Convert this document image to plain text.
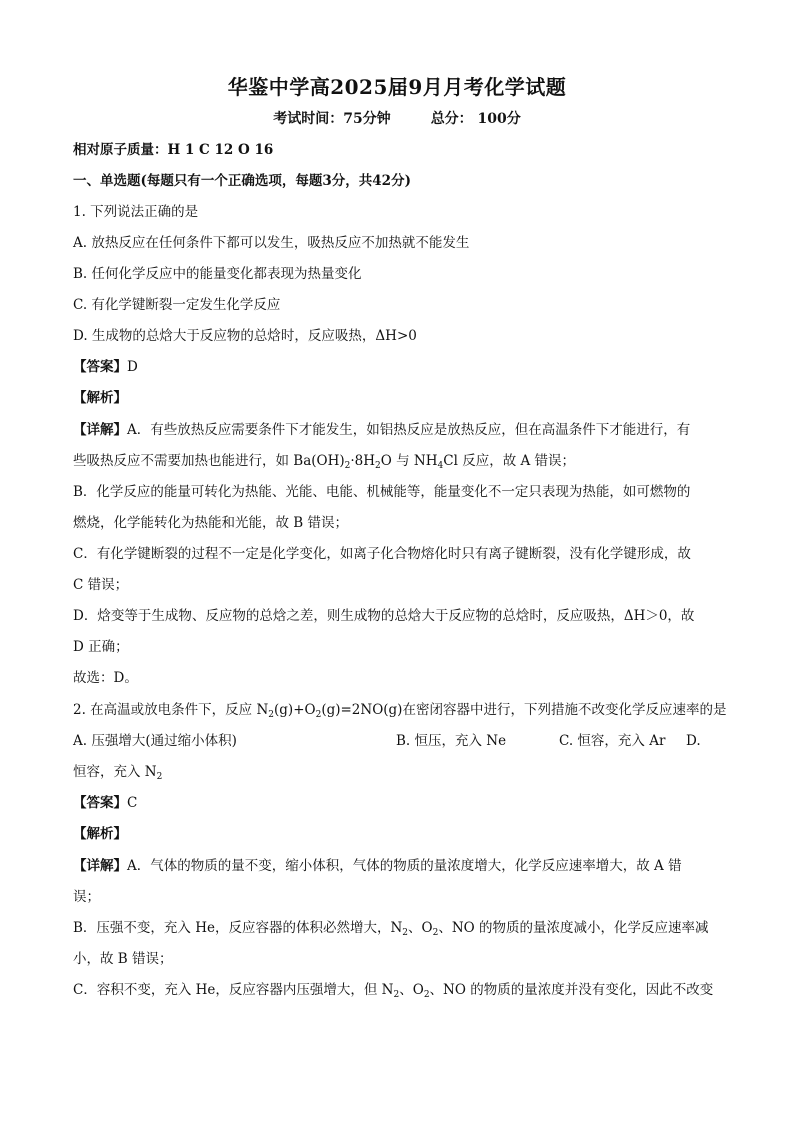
华鉴中学高2025届9月月考化学试题
考试时间：75分钟	总分： 100分
相对原子质量：H 1 C 12 O 16
一、单选题(每题只有一个正确选项，每题3分，共42分)
1. 下列说法正确的是
A. 放热反应在任何条件下都可以发生，吸热反应不加热就不能发生
B. 任何化学反应中的能量变化都表现为热量变化
C. 有化学键断裂一定发生化学反应
D. 生成物的总焓大于反应物的总焓时，反应吸热，ΔH>0
【答案】D
【解析】
【详解】A．有些放热反应需要条件下才能发生，如铝热反应是放热反应，但在高温条件下才能进行，有
些吸热反应不需要加热也能进行，如 $Ba(OH)_2\cdot 8H_2O$ 与 $NH_4Cl$ 反应，故 A 错误；
B．化学反应的能量可转化为热能、光能、电能、机械能等，能量变化不一定只表现为热能，如可燃物的
燃烧，化学能转化为热能和光能，故 B 错误；
C．有化学键断裂的过程不一定是化学变化，如离子化合物熔化时只有离子键断裂，没有化学键形成，故
C 错误；
D．焓变等于生成物、反应物的总焓之差，则生成物的总焓大于反应物的总焓时，反应吸热，ΔH＞0，故
D 正确；
故选：D。
2. 在高温或放电条件下，反应 $N_2(g)+O_2(g)=2NO(g)$在密闭容器中进行，下列措施不改变化学反应速率的是
A. 压强增大(通过缩小体积)	B. 恒压，充入 Ne	C. 恒容，充入 Ar D.
恒容，充入 $N_2$
【答案】C
【解析】
【详解】A．气体的物质的量不变，缩小体积，气体的物质的量浓度增大，化学反应速率增大，故 A 错
误；
B．压强不变，充入 He，反应容器的体积必然增大，$N_2$、$O_2$、NO 的物质的量浓度减小，化学反应速率减
小，故 B 错误；
C．容积不变，充入 He，反应容器内压强增大，但 $N_2$、$O_2$、NO 的物质的量浓度并没有变化，因此不改变
